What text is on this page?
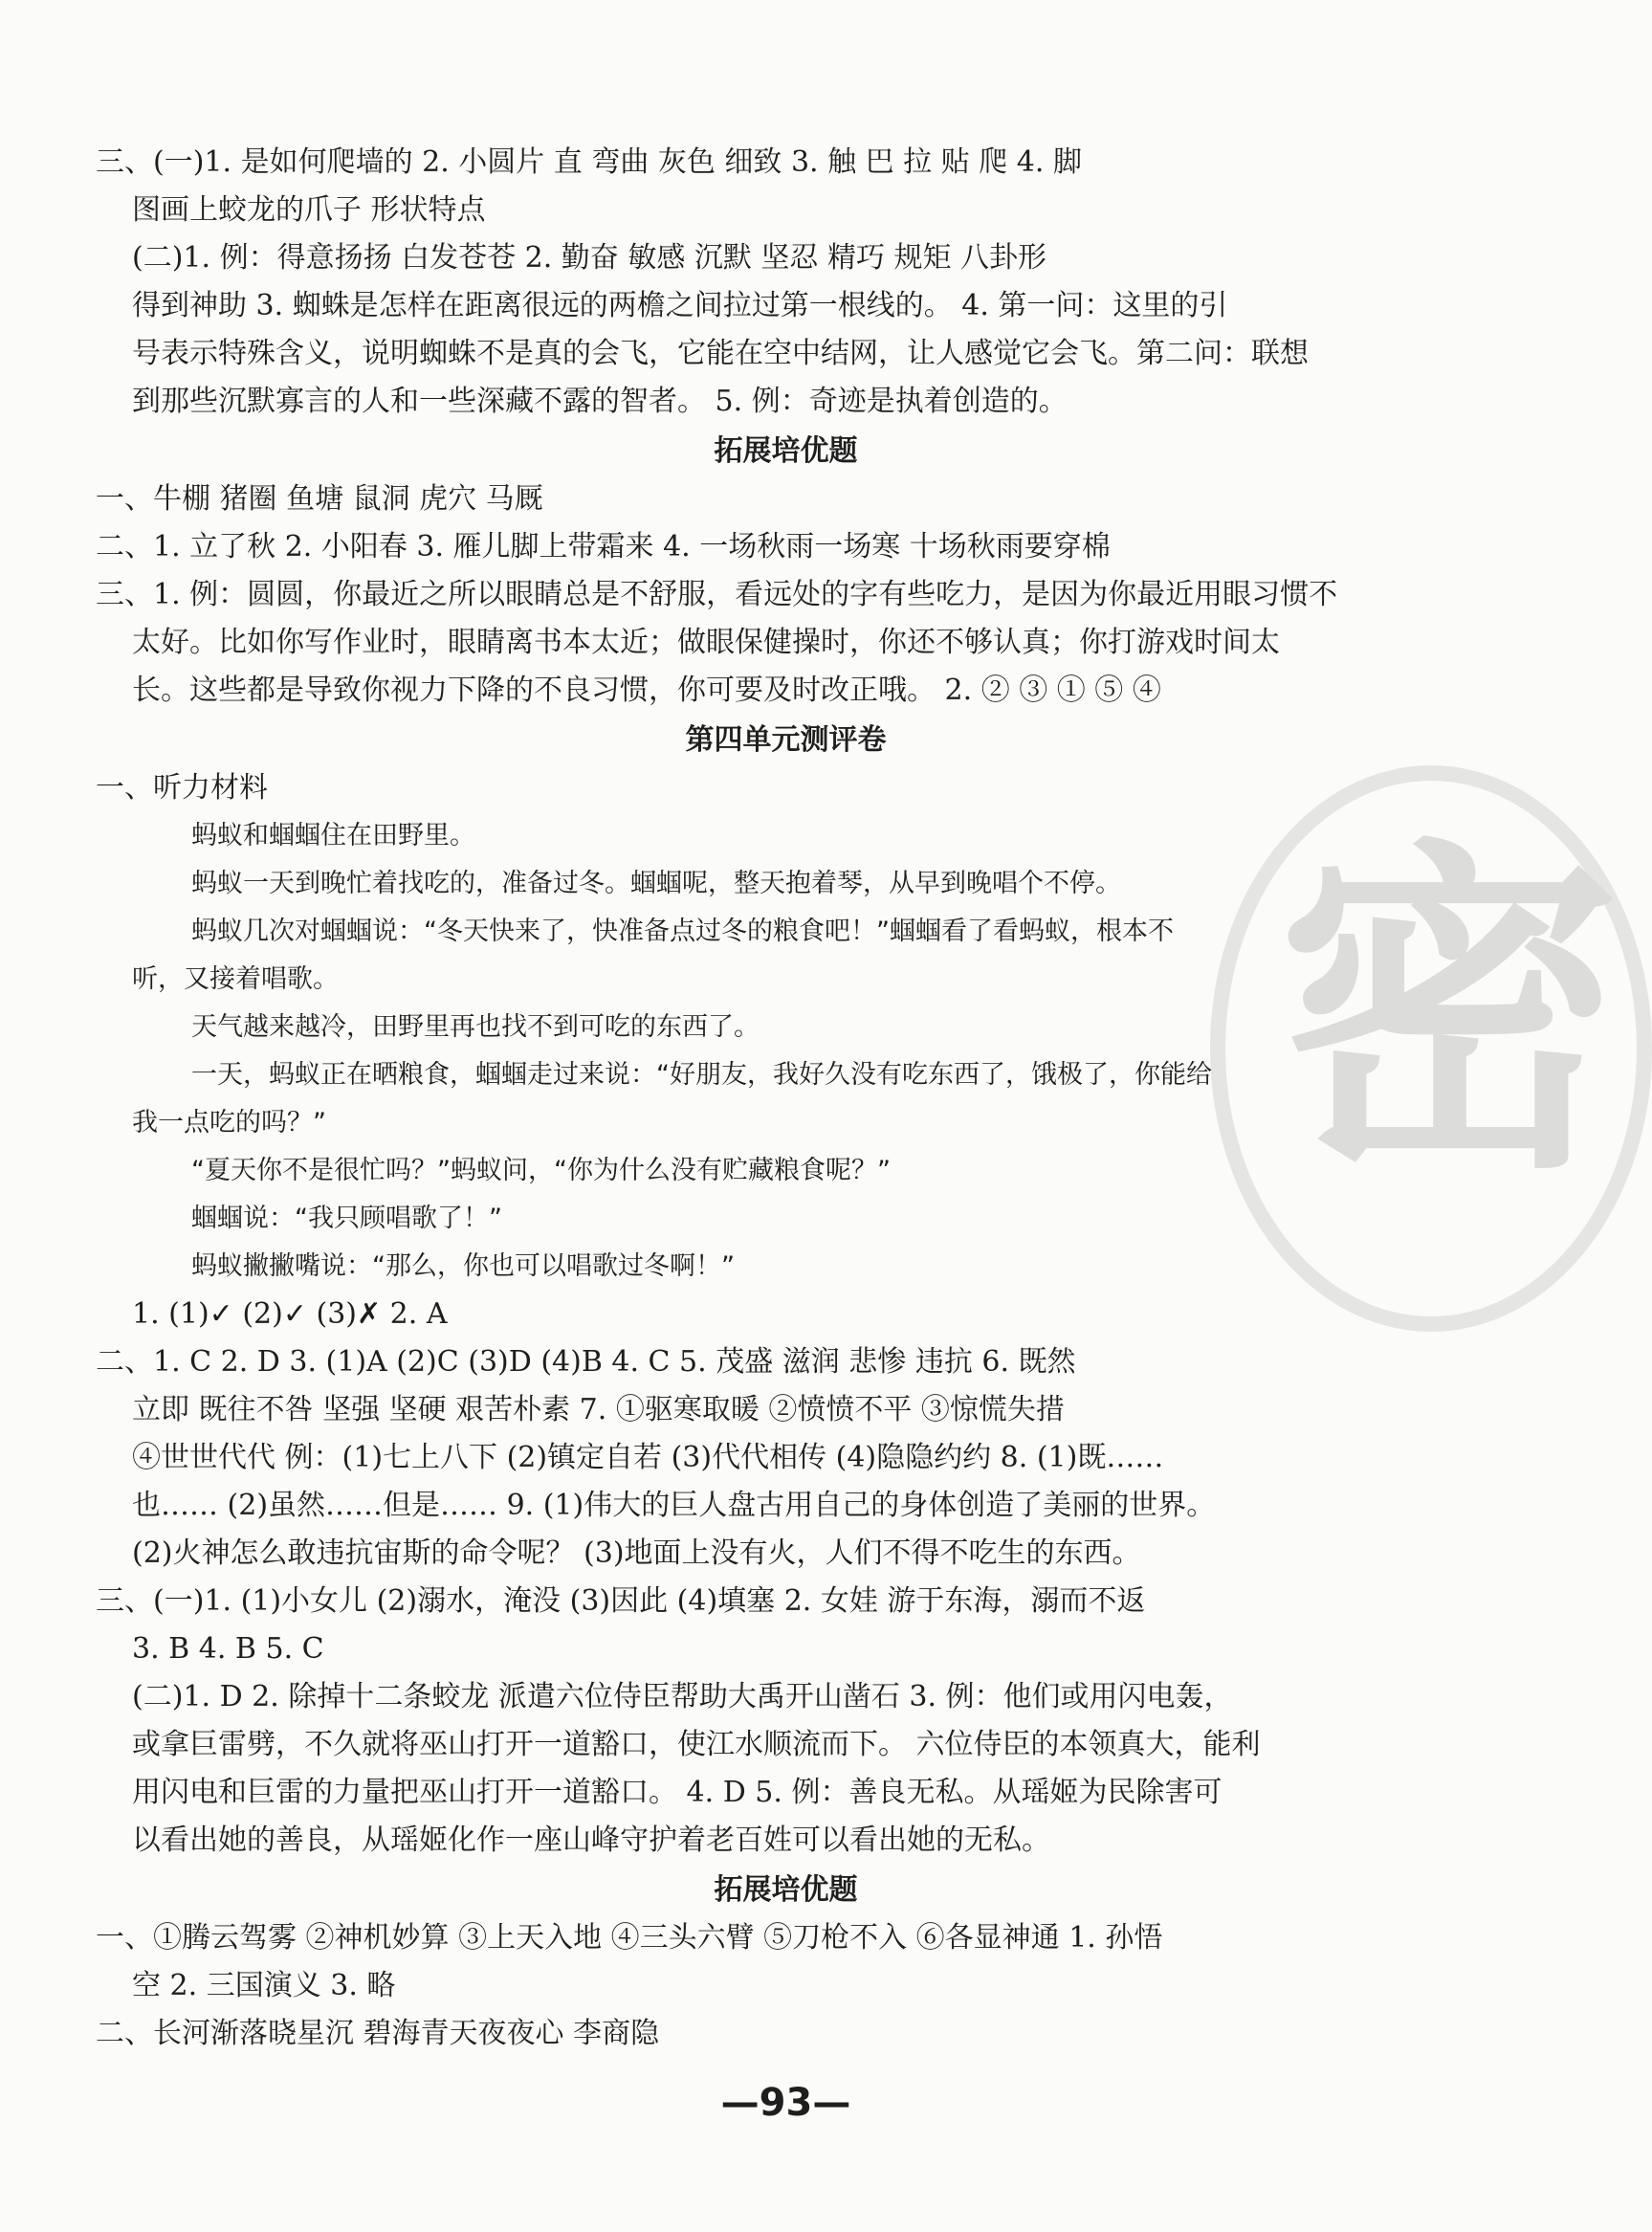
密
三、(一)1. 是如何爬墙的 2. 小圆片 直 弯曲 灰色 细致 3. 触 巴 拉 贴 爬 4. 脚
图画上蛟龙的爪子 形状特点
(二)1. 例：得意扬扬 白发苍苍 2. 勤奋 敏感 沉默 坚忍 精巧 规矩 八卦形
得到神助 3. 蜘蛛是怎样在距离很远的两檐之间拉过第一根线的。 4. 第一问：这里的引
号表示特殊含义，说明蜘蛛不是真的会飞，它能在空中结网，让人感觉它会飞。第二问：联想
到那些沉默寡言的人和一些深藏不露的智者。 5. 例：奇迹是执着创造的。
拓展培优题
一、牛棚 猪圈 鱼塘 鼠洞 虎穴 马厩
二、1. 立了秋 2. 小阳春 3. 雁儿脚上带霜来 4. 一场秋雨一场寒 十场秋雨要穿棉
三、1. 例：圆圆，你最近之所以眼睛总是不舒服，看远处的字有些吃力，是因为你最近用眼习惯不
太好。比如你写作业时，眼睛离书本太近；做眼保健操时，你还不够认真；你打游戏时间太
长。这些都是导致你视力下降的不良习惯，你可要及时改正哦。 2. ② ③ ① ⑤ ④
第四单元测评卷
一、听力材料
蚂蚁和蝈蝈住在田野里。
蚂蚁一天到晚忙着找吃的，准备过冬。蝈蝈呢，整天抱着琴，从早到晚唱个不停。
蚂蚁几次对蝈蝈说：“冬天快来了，快准备点过冬的粮食吧！”蝈蝈看了看蚂蚁，根本不
听，又接着唱歌。
天气越来越冷，田野里再也找不到可吃的东西了。
一天，蚂蚁正在晒粮食，蝈蝈走过来说：“好朋友，我好久没有吃东西了，饿极了，你能给
我一点吃的吗？”
“夏天你不是很忙吗？”蚂蚁问，“你为什么没有贮藏粮食呢？”
蝈蝈说：“我只顾唱歌了！”
蚂蚁撇撇嘴说：“那么，你也可以唱歌过冬啊！”
1. (1)✓ (2)✓ (3)✗ 2. A
二、1. C 2. D 3. (1)A (2)C (3)D (4)B 4. C 5. 茂盛 滋润 悲惨 违抗 6. 既然
立即 既往不咎 坚强 坚硬 艰苦朴素 7. ①驱寒取暖 ②愤愤不平 ③惊慌失措
④世世代代 例：(1)七上八下 (2)镇定自若 (3)代代相传 (4)隐隐约约 8. (1)既……
也…… (2)虽然……但是…… 9. (1)伟大的巨人盘古用自己的身体创造了美丽的世界。
(2)火神怎么敢违抗宙斯的命令呢？ (3)地面上没有火，人们不得不吃生的东西。
三、(一)1. (1)小女儿 (2)溺水，淹没 (3)因此 (4)填塞 2. 女娃 游于东海，溺而不返
3. B 4. B 5. C
(二)1. D 2. 除掉十二条蛟龙 派遣六位侍臣帮助大禹开山凿石 3. 例：他们或用闪电轰，
或拿巨雷劈，不久就将巫山打开一道豁口，使江水顺流而下。 六位侍臣的本领真大，能利
用闪电和巨雷的力量把巫山打开一道豁口。 4. D 5. 例：善良无私。从瑶姬为民除害可
以看出她的善良，从瑶姬化作一座山峰守护着老百姓可以看出她的无私。
拓展培优题
一、①腾云驾雾 ②神机妙算 ③上天入地 ④三头六臂 ⑤刀枪不入 ⑥各显神通 1. 孙悟
空 2. 三国演义 3. 略
二、长河渐落晓星沉 碧海青天夜夜心 李商隐
—93—
